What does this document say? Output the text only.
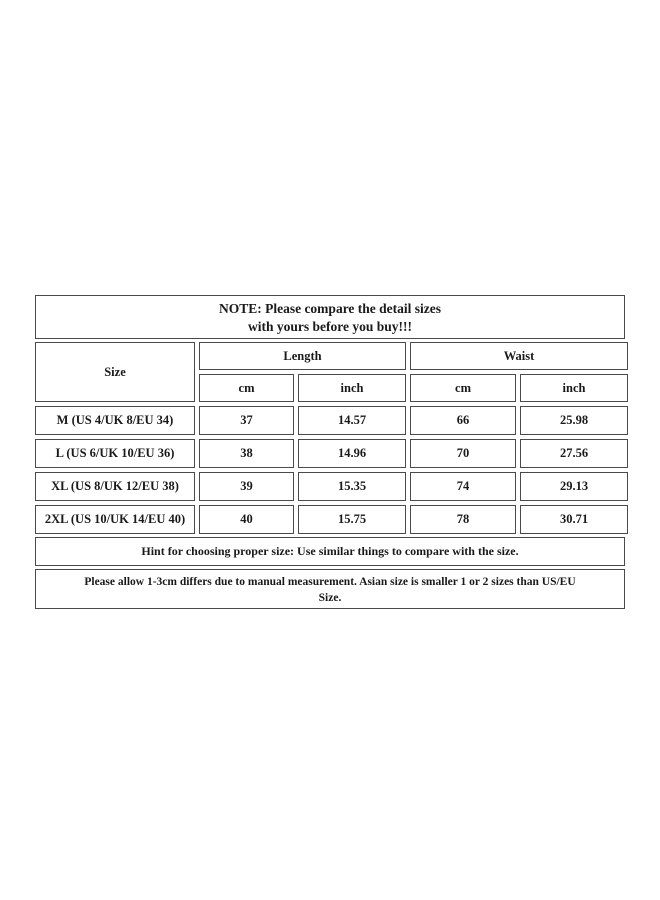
NOTE: Please compare the detail sizes
with yours before you buy!!!
Size
Length	Waist
cm	inch	cm	inch
M (US 4/UK 8/EU 34)	37	14.57	66	25.98
L (US 6/UK 10/EU 36)	38	14.96	70	27.56
XL (US 8/UK 12/EU 38)	39	15.35	74	29.13
2XL (US 10/UK 14/EU 40)	40	15.75	78	30.71
Hint for choosing proper size: Use similar things to compare with the size.
Please allow 1-3cm differs due to manual measurement. Asian size is smaller 1 or 2 sizes than US/EU
Size.
